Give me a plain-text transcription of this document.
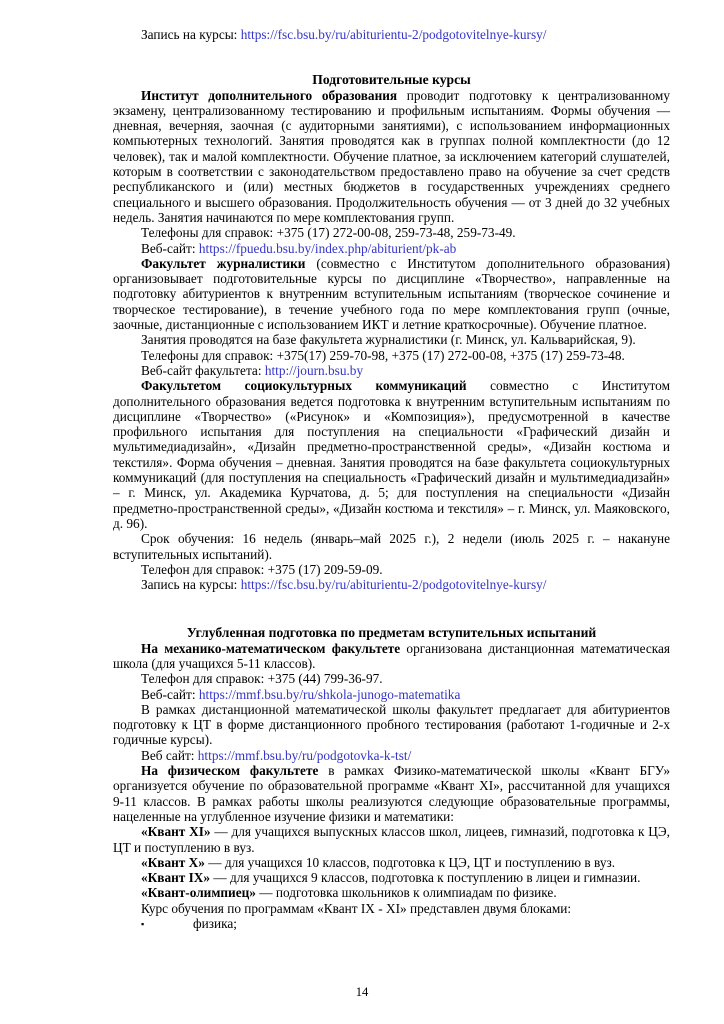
Запись на курсы: https://fsc.bsu.by/ru/abiturientu-2/podgotovitelnye-kursy/

Подготовительные курсы

Институт дополнительного образования проводит подготовку к централизованному экзамену, централизованному тестированию и профильным испытаниям. Формы обучения — дневная, вечерняя, заочная (с аудиторными занятиями), с использованием информационных компьютерных технологий. Занятия проводятся как в группах полной комплектности (до 12 человек), так и малой комплектности. Обучение платное, за исключением категорий слушателей, которым в соответствии с законодательством предоставлено право на обучение за счет средств республиканского и (или) местных бюджетов в государственных учреждениях среднего специального и высшего образования. Продолжительность обучения — от 3 дней до 32 учебных недель. Занятия начинаются по мере комплектования групп.

Телефоны для справок: +375 (17) 272-00-08, 259-73-48, 259-73-49.

Веб-сайт: https://fpuedu.bsu.by/index.php/abiturient/pk-ab

Факультет журналистики (совместно с Институтом дополнительного образования) организовывает подготовительные курсы по дисциплине «Творчество», направленные на подготовку абитуриентов к внутренним вступительным испытаниям (творческое сочинение и творческое тестирование), в течение учебного года по мере комплектования групп (очные, заочные, дистанционные с использованием ИКТ и летние краткосрочные). Обучение платное.

Занятия проводятся на базе факультета журналистики (г. Минск, ул. Кальварийская, 9).

Телефоны для справок: +375(17) 259-70-98, +375 (17) 272-00-08, +375 (17) 259-73-48.

Веб-сайт факультета: http://journ.bsu.by

Факультетом социокультурных коммуникаций совместно с Институтом дополнительного образования ведется подготовка к внутренним вступительным испытаниям по дисциплине «Творчество» («Рисунок» и «Композиция»), предусмотренной в качестве профильного испытания для поступления на специальности «Графический дизайн и мультимедиадизайн», «Дизайн предметно-пространственной среды», «Дизайн костюма и текстиля». Форма обучения – дневная. Занятия проводятся на базе факультета социокультурных коммуникаций (для поступления на специальность «Графический дизайн и мультимедиадизайн» – г. Минск, ул. Академика Курчатова, д. 5; для поступления на специальности «Дизайн предметно-пространственной среды», «Дизайн костюма и текстиля» – г. Минск, ул. Маяковского, д. 96).

Срок обучения: 16 недель (январь–май 2025 г.), 2 недели (июль 2025 г. – накануне вступительных испытаний).

Телефон для справок: +375 (17) 209-59-09.

Запись на курсы: https://fsc.bsu.by/ru/abiturientu-2/podgotovitelnye-kursy/

Углубленная подготовка по предметам вступительных испытаний

На механико-математическом факультете организована дистанционная математическая школа (для учащихся 5-11 классов).

Телефон для справок: +375 (44) 799-36-97.

Веб-сайт: https://mmf.bsu.by/ru/shkola-junogo-matematika

В рамках дистанционной математической школы факультет предлагает для абитуриентов подготовку к ЦТ в форме дистанционного пробного тестирования (работают 1-годичные и 2-х годичные курсы).

Веб сайт: https://mmf.bsu.by/ru/podgotovka-k-tst/

На физическом факультете в рамках Физико-математической школы «Квант БГУ» организуется обучение по образовательной программе «Квант XI», рассчитанной для учащихся 9-11 классов. В рамках работы школы реализуются следующие образовательные программы, нацеленные на углубленное изучение физики и математики:

«Квант XI» — для учащихся выпускных классов школ, лицеев, гимназий, подготовка к ЦЭ, ЦТ и поступлению в вуз.

«Квант X» — для учащихся 10 классов, подготовка к ЦЭ, ЦТ и поступлению в вуз.

«Квант IX» — для учащихся 9 классов, подготовка к поступлению в лицеи и гимназии.

«Квант-олимпиец» — подготовка школьников к олимпиадам по физике.

Курс обучения по программам «Квант IX - XI» представлен двумя блоками:

▪	физика;

14
